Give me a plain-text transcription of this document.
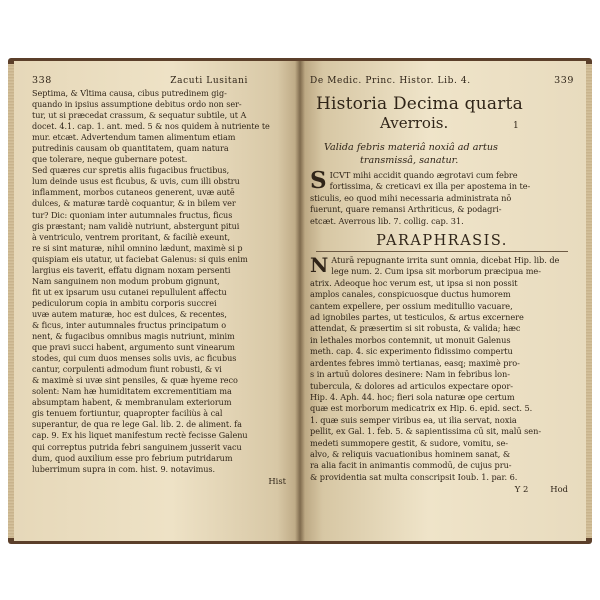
338	Zacuti Lusitani
Septima, & Vltima causa, cibus putredinem gig-
quando in ipsius assumptione debitus ordo non ser-
tur, ut si præcedat crassum, & sequatur subtile, ut A
docet. 4.1. cap. 1. ant. med. 5 & nos quidem à nutriente te
mur. etcæt. Advertendum tamen alimentum etiam
putredinis causam ob quantitatem, quam natura
que tolerare, neque gubernare potest.
Sed quæres cur spretis aliis fugacibus fructibus,
lum deinde usus est ficubus, & uvis, cum illi obstru
inflamment, morbos cutaneos generent, uvæ autē
dulces, & maturæ tardè coquantur, & in bilem ver
tur? Dic: quoniam inter autumnales fructus, ficus
gis præstant; nam validè nutriunt, abstergunt pitui
à ventriculo, ventrem proritant, & faciliè exeunt,
re si sint maturæ, nihil omnino lædunt, maximè si p
quispiam eis utatur, ut faciebat Galenus: si quis enim
largius eis taverit, effatu dignam noxam persenti
Nam sanguinem non modum probum gignunt,
fit ut ex ipsarum usu cutanei repullulent affectu
pediculorum copia in ambitu corporis succrei
uvæ autem maturæ, hoc est dulces, & recentes,
& ficus, inter autumnales fructus principatum o
nent, & fugacibus omnibus magis nutriunt, minim
que pravi succi habent, argumento sunt vinearum
stodes, qui cum duos menses solis uvis, ac ficubus
cantur, corpulenti admodum fiunt robusti, & vi
& maximè si uvæ sint pensiles, & quæ hyeme reco
solent: Nam hæ humiditatem excrementitiam ma
absumptam habent, & membranulam exteriorum
gis tenuem fortiuntur, quapropter faciliùs à cal
superantur, de qua re lege Gal. lib. 2. de aliment. fa
cap. 9. Ex his liquet manifestum rectè fecisse Galenu
qui correptus putrida febri sanguinem jusserit vacu
dum, quod auxilium esse pro febrium putridarum
luberrimum supra in com. hist. 9. notavimus.
Hist
De Medic. Princ. Histor. Lib. 4.	339
Historia Decima quarta
Averrois.	1
Valida febris materiâ noxiâ ad artus
transmissâ, sanatur.
S ICVT mihi accidit quando ægrotavi cum febre
fortissima, & creticavi ex illa per apostema in te-
sticulis, eo quod mihi necessaria administrata nō
fuerunt, quare remansi Arthriticus, & podagri-
etcæt. Averrous lib. 7. collig. cap. 31.
PARAPHRASIS.
N Aturā repugnante irrita sunt omnia, dicebat Hip. lib. de
lege num. 2. Cum ipsa sit morborum præcipua me-
atrix. Adeoque hoc verum est, ut ipsa si non possit
amplos canales, conspicuosque ductus humorem
cantem expellere, per ossium meditullio vacuare,
ad ignobiles partes, ut testiculos, & artus excernere
attendat, & præsertim si sit robusta, & valida; hæc
in lethales morbos contemnit, ut monuit Galenus
meth. cap. 4. sic experimento fidissimo compertu
ardentes febres immò tertianas, easq; maximè pro-
s in artuū dolores desinere: Nam in febribus lon-
tubercula, & dolores ad articulos expectare opor-
Hip. 4. Aph. 44. hoc; fieri sola naturæ ope certum
quæ est morborum medicatrix ex Hip. 6. epid. sect. 5.
1. quæ suis semper viribus ea, ut ilia servat, noxia
pellit, ex Gal. 1. feb. 5. & sapientissima cū sit, malū sen-
medeti summopere gestit, & sudore, vomitu, se-
alvo, & reliquis vacuationibus hominem sanat, &
ra alia facit in animantis commodū, de cujus pru-
& providentia sat multa conscripsit Ioub. 1. par. 6.
Y 2	Hod
